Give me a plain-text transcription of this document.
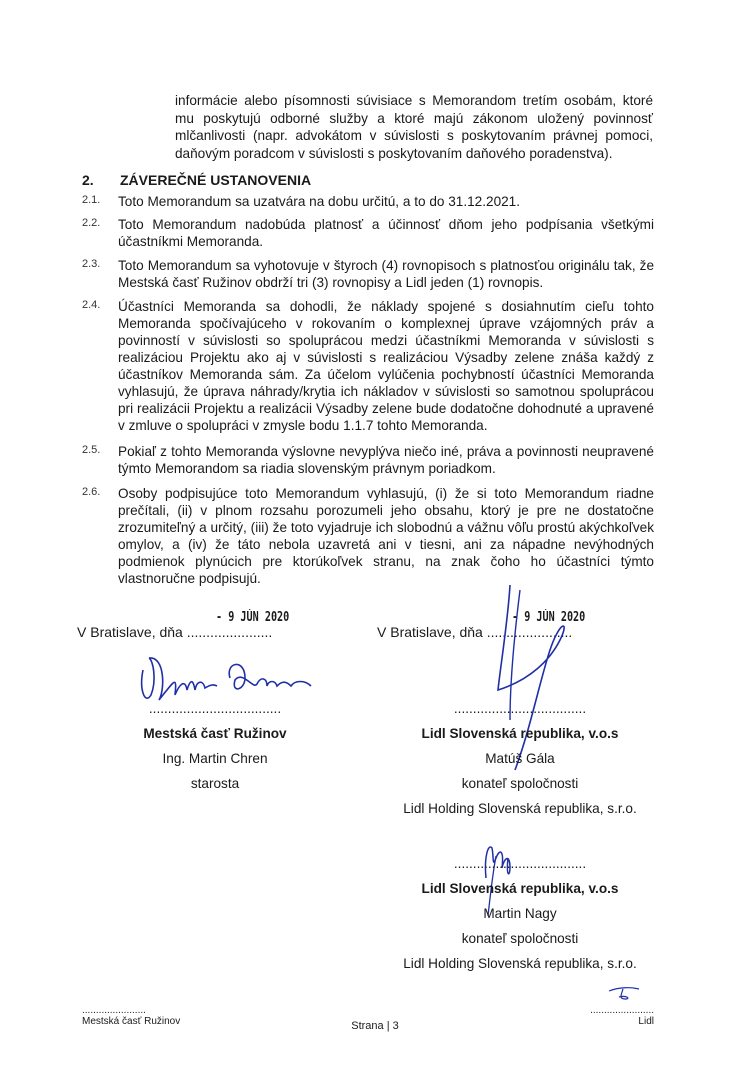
informácie alebo písomnosti súvisiace s Memorandom tretím osobám, ktoré mu poskytujú odborné služby a ktoré majú zákonom uložený povinnosť mlčanlivosti (napr. advokátom v súvislosti s poskytovaním právnej pomoci, daňovým poradcom v súvislosti s poskytovaním daňového poradenstva).
2. ZÁVEREČNÉ USTANOVENIA
2.1. Toto Memorandum sa uzatvára na dobu určitú, a to do 31.12.2021.
2.2. Toto Memorandum nadobúda platnosť a účinnosť dňom jeho podpísania všetkými účastníkmi Memoranda.
2.3. Toto Memorandum sa vyhotovuje v štyroch (4) rovnopisoch s platnosťou originálu tak, že Mestská časť Ružinov obdrží tri (3) rovnopisy a Lidl jeden (1) rovnopis.
2.4. Účastníci Memoranda sa dohodli, že náklady spojené s dosiahnutím cieľu tohto Memoranda spočívajúceho v rokovaním o komplexnej úprave vzájomných práv a povinností v súvislosti so spoluprácou medzi účastníkmi Memoranda v súvislosti s realizáciou Projektu ako aj v súvislosti s realizáciou Výsadby zelene znáša každý z účastníkov Memoranda sám. Za účelom vylúčenia pochybností účastníci Memoranda vyhlasujú, že úprava náhrady/krytia ich nákladov v súvislosti so samotnou spoluprácou pri realizácii Projektu a realizácii Výsadby zelene bude dodatočne dohodnuté a upravené v zmluve o spolupráci v zmysle bodu 1.1.7 tohto Memoranda.
2.5. Pokiaľ z tohto Memoranda výslovne nevyplýva niečo iné, práva a povinnosti neupravené týmto Memorandom sa riadia slovenským právnym poriadkom.
2.6. Osoby podpisujúce toto Memorandum vyhlasujú, (i) že si toto Memorandum riadne prečítali, (ii) v plnom rozsahu porozumeli jeho obsahu, ktorý je pre ne dostatočne zrozumiteľný a určitý, (iii) že toto vyjadruje ich slobodnú a vážnu vôľu prostú akýchkoľvek omylov, a (iv) že táto nebola uzavretá ani v tiesni, ani za nápadne nevýhodných podmienok plynúcich pre ktorúkoľvek stranu, na znak čoho ho účastníci týmto vlastnoručne podpisujú.
V Bratislave, dňa ......................
- 9 JÚN 2020
...................................
Mestská časť Ružinov
Ing. Martin Chren
starosta
V Bratislave, dňa ......................
- 9 JÚN 2020
...................................
Lidl Slovenská republika, v.o.s
Matúš Gála
konateľ spoločnosti
Lidl Holding Slovenská republika, s.r.o.
...................................
Lidl Slovenská republika, v.o.s
Martin Nagy
konateľ spoločnosti
Lidl Holding Slovenská republika, s.r.o.
.......................
Mestská časť Ružinov
.......................
Lidl
Strana | 3
